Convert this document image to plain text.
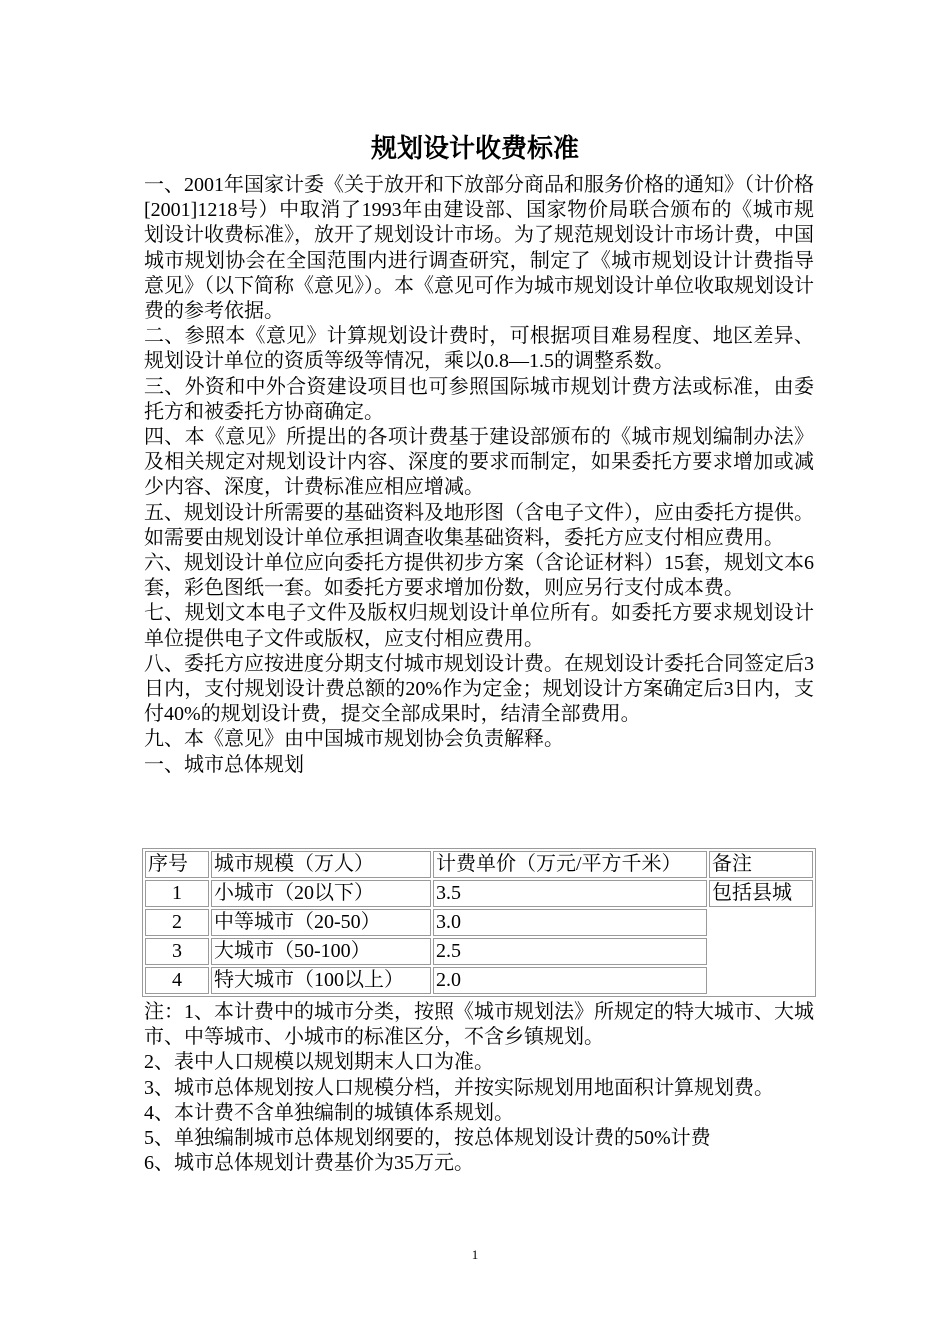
规划设计收费标准

一、2001年国家计委《关于放开和下放部分商品和服务价格的通知》（计价格[2001]1218号）中取消了1993年由建设部、国家物价局联合颁布的《城市规划设计收费标准》，放开了规划设计市场。为了规范规划设计市场计费，中国城市规划协会在全国范围内进行调查研究，制定了《城市规划设计计费指导意见》（以下简称《意见》）。本《意见可作为城市规划设计单位收取规划设计费的参考依据。

二、参照本《意见》计算规划设计费时，可根据项目难易程度、地区差异、规划设计单位的资质等级等情况，乘以0.8—1.5的调整系数。

三、外资和中外合资建设项目也可参照国际城市规划计费方法或标准，由委托方和被委托方协商确定。

四、本《意见》所提出的各项计费基于建设部颁布的《城市规划编制办法》及相关规定对规划设计内容、深度的要求而制定，如果委托方要求增加或减少内容、深度，计费标准应相应增减。

五、规划设计所需要的基础资料及地形图（含电子文件），应由委托方提供。如需要由规划设计单位承担调查收集基础资料，委托方应支付相应费用。

六、规划设计单位应向委托方提供初步方案（含论证材料）15套，规划文本6套，彩色图纸一套。如委托方要求增加份数，则应另行支付成本费。

七、规划文本电子文件及版权归规划设计单位所有。如委托方要求规划设计单位提供电子文件或版权，应支付相应费用。

八、委托方应按进度分期支付城市规划设计费。在规划设计委托合同签定后3日内，支付规划设计费总额的20%作为定金；规划设计方案确定后3日内，支付40%的规划设计费，提交全部成果时，结清全部费用。

九、本《意见》由中国城市规划协会负责解释。

一、城市总体规划

序号	城市规模（万人）	计费单价（万元/平方千米）	备注
1	小城市（20以下）	3.5	包括县城
2	中等城市（20-50）	3.0	
3	大城市（50-100）	2.5	
4	特大城市（100以上）	2.0	

注：1、本计费中的城市分类，按照《城市规划法》所规定的特大城市、大城市、中等城市、小城市的标准区分，不含乡镇规划。

2、表中人口规模以规划期末人口为准。

3、城市总体规划按人口规模分档，并按实际规划用地面积计算规划费。

4、本计费不含单独编制的城镇体系规划。

5、单独编制城市总体规划纲要的，按总体规划设计费的50%计费

6、城市总体规划计费基价为35万元。

1
